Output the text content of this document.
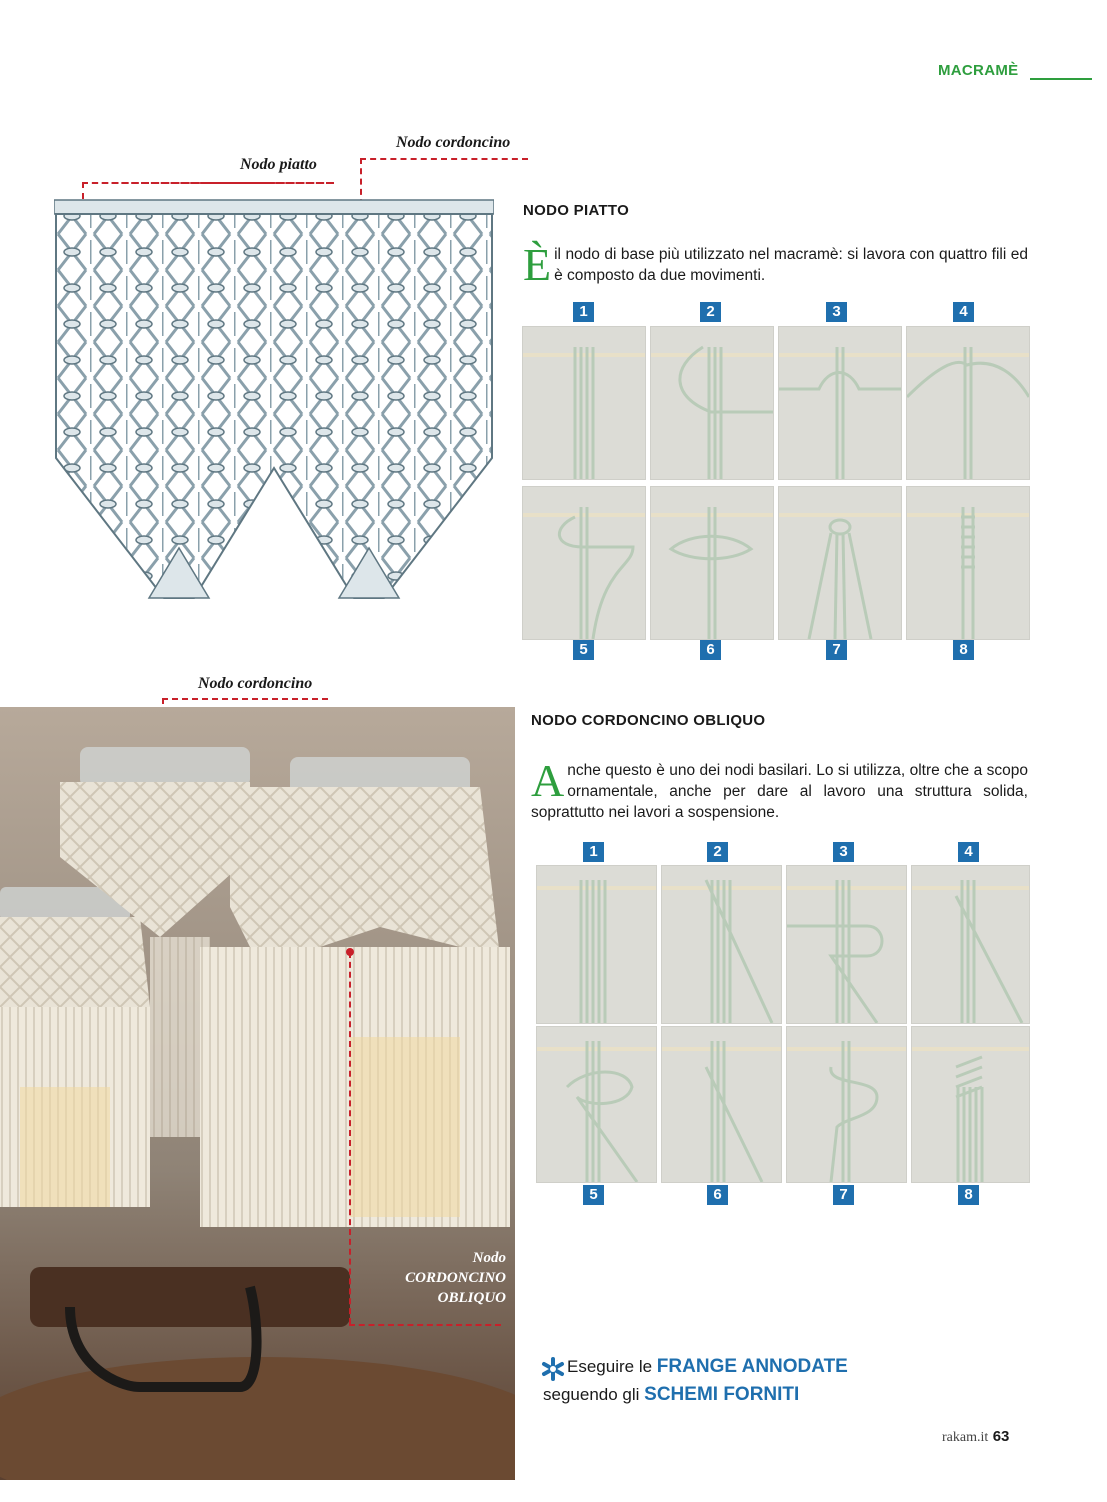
MACRAMÈ
Nodo piatto
Nodo cordoncino
NODO PIATTO
Èil nodo di base più utilizzato nel macramè: si lavora con quattro fili ed è composto da due movimenti.
1	2	3	4
5	6	7	8
Nodo cordoncino
Nodo
CORDONCINO
OBLIQUO
NODO CORDONCINO OBLIQUO
Anche questo è uno dei nodi basilari. Lo si utilizza, oltre che a scopo ornamentale, anche per dare al lavoro una struttura solida, soprattutto nei lavori a sospensione.
1	2	3	4
5	6	7	8
Eseguire le FRANGE ANNODATE
seguendo gli SCHEMI FORNITI
rakam.it 63
